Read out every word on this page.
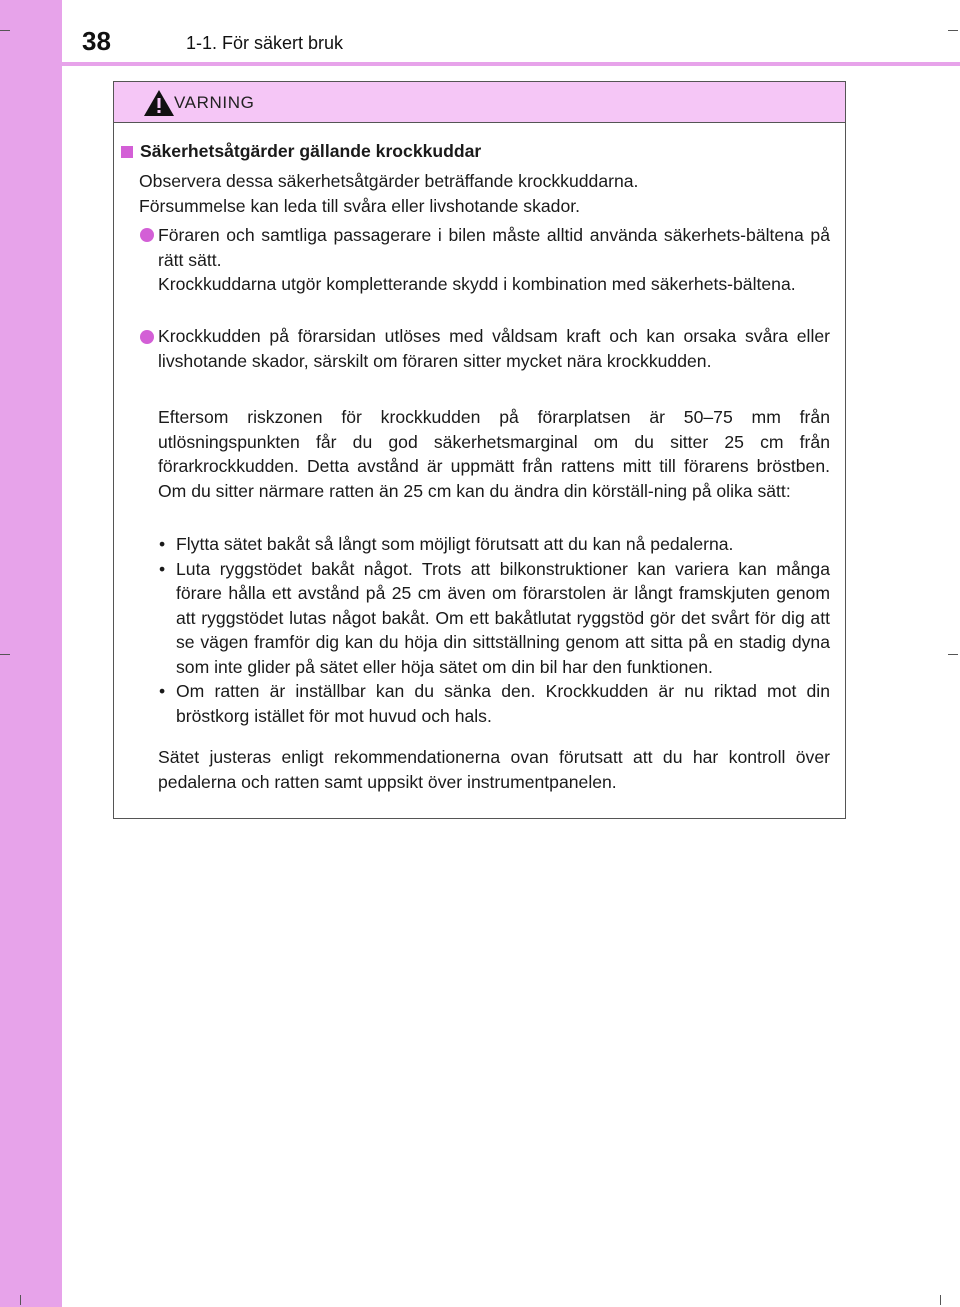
38	1-1. För säkert bruk
VARNING
Säkerhetsåtgärder gällande krockkuddar
Observera dessa säkerhetsåtgärder beträffande krockkuddarna. Försummelse kan leda till svåra eller livshotande skador.
Föraren och samtliga passagerare i bilen måste alltid använda säkerhets-bältena på rätt sätt.
Krockkuddarna utgör kompletterande skydd i kombination med säkerhets-bältena.
Krockkudden på förarsidan utlöses med våldsam kraft och kan orsaka svåra eller livshotande skador, särskilt om föraren sitter mycket nära krockkudden.
Eftersom riskzonen för krockkudden på förarplatsen är 50–75 mm från utlösningspunkten får du god säkerhetsmarginal om du sitter 25 cm från förarkrockkudden. Detta avstånd är uppmätt från rattens mitt till förarens bröstben. Om du sitter närmare ratten än 25 cm kan du ändra din körställ-ning på olika sätt:
• Flytta sätet bakåt så långt som möjligt förutsatt att du kan nå pedalerna.
• Luta ryggstödet bakåt något. Trots att bilkonstruktioner kan variera kan många förare hålla ett avstånd på 25 cm även om förarstolen är långt framskjuten genom att ryggstödet lutas något bakåt. Om ett bakåtlutat ryggstöd gör det svårt för dig att se vägen framför dig kan du höja din sittställning genom att sitta på en stadig dyna som inte glider på sätet eller höja sätet om din bil har den funktionen.
• Om ratten är inställbar kan du sänka den. Krockkudden är nu riktad mot din bröstkorg istället för mot huvud och hals.
Sätet justeras enligt rekommendationerna ovan förutsatt att du har kontroll över pedalerna och ratten samt uppsikt över instrumentpanelen.
